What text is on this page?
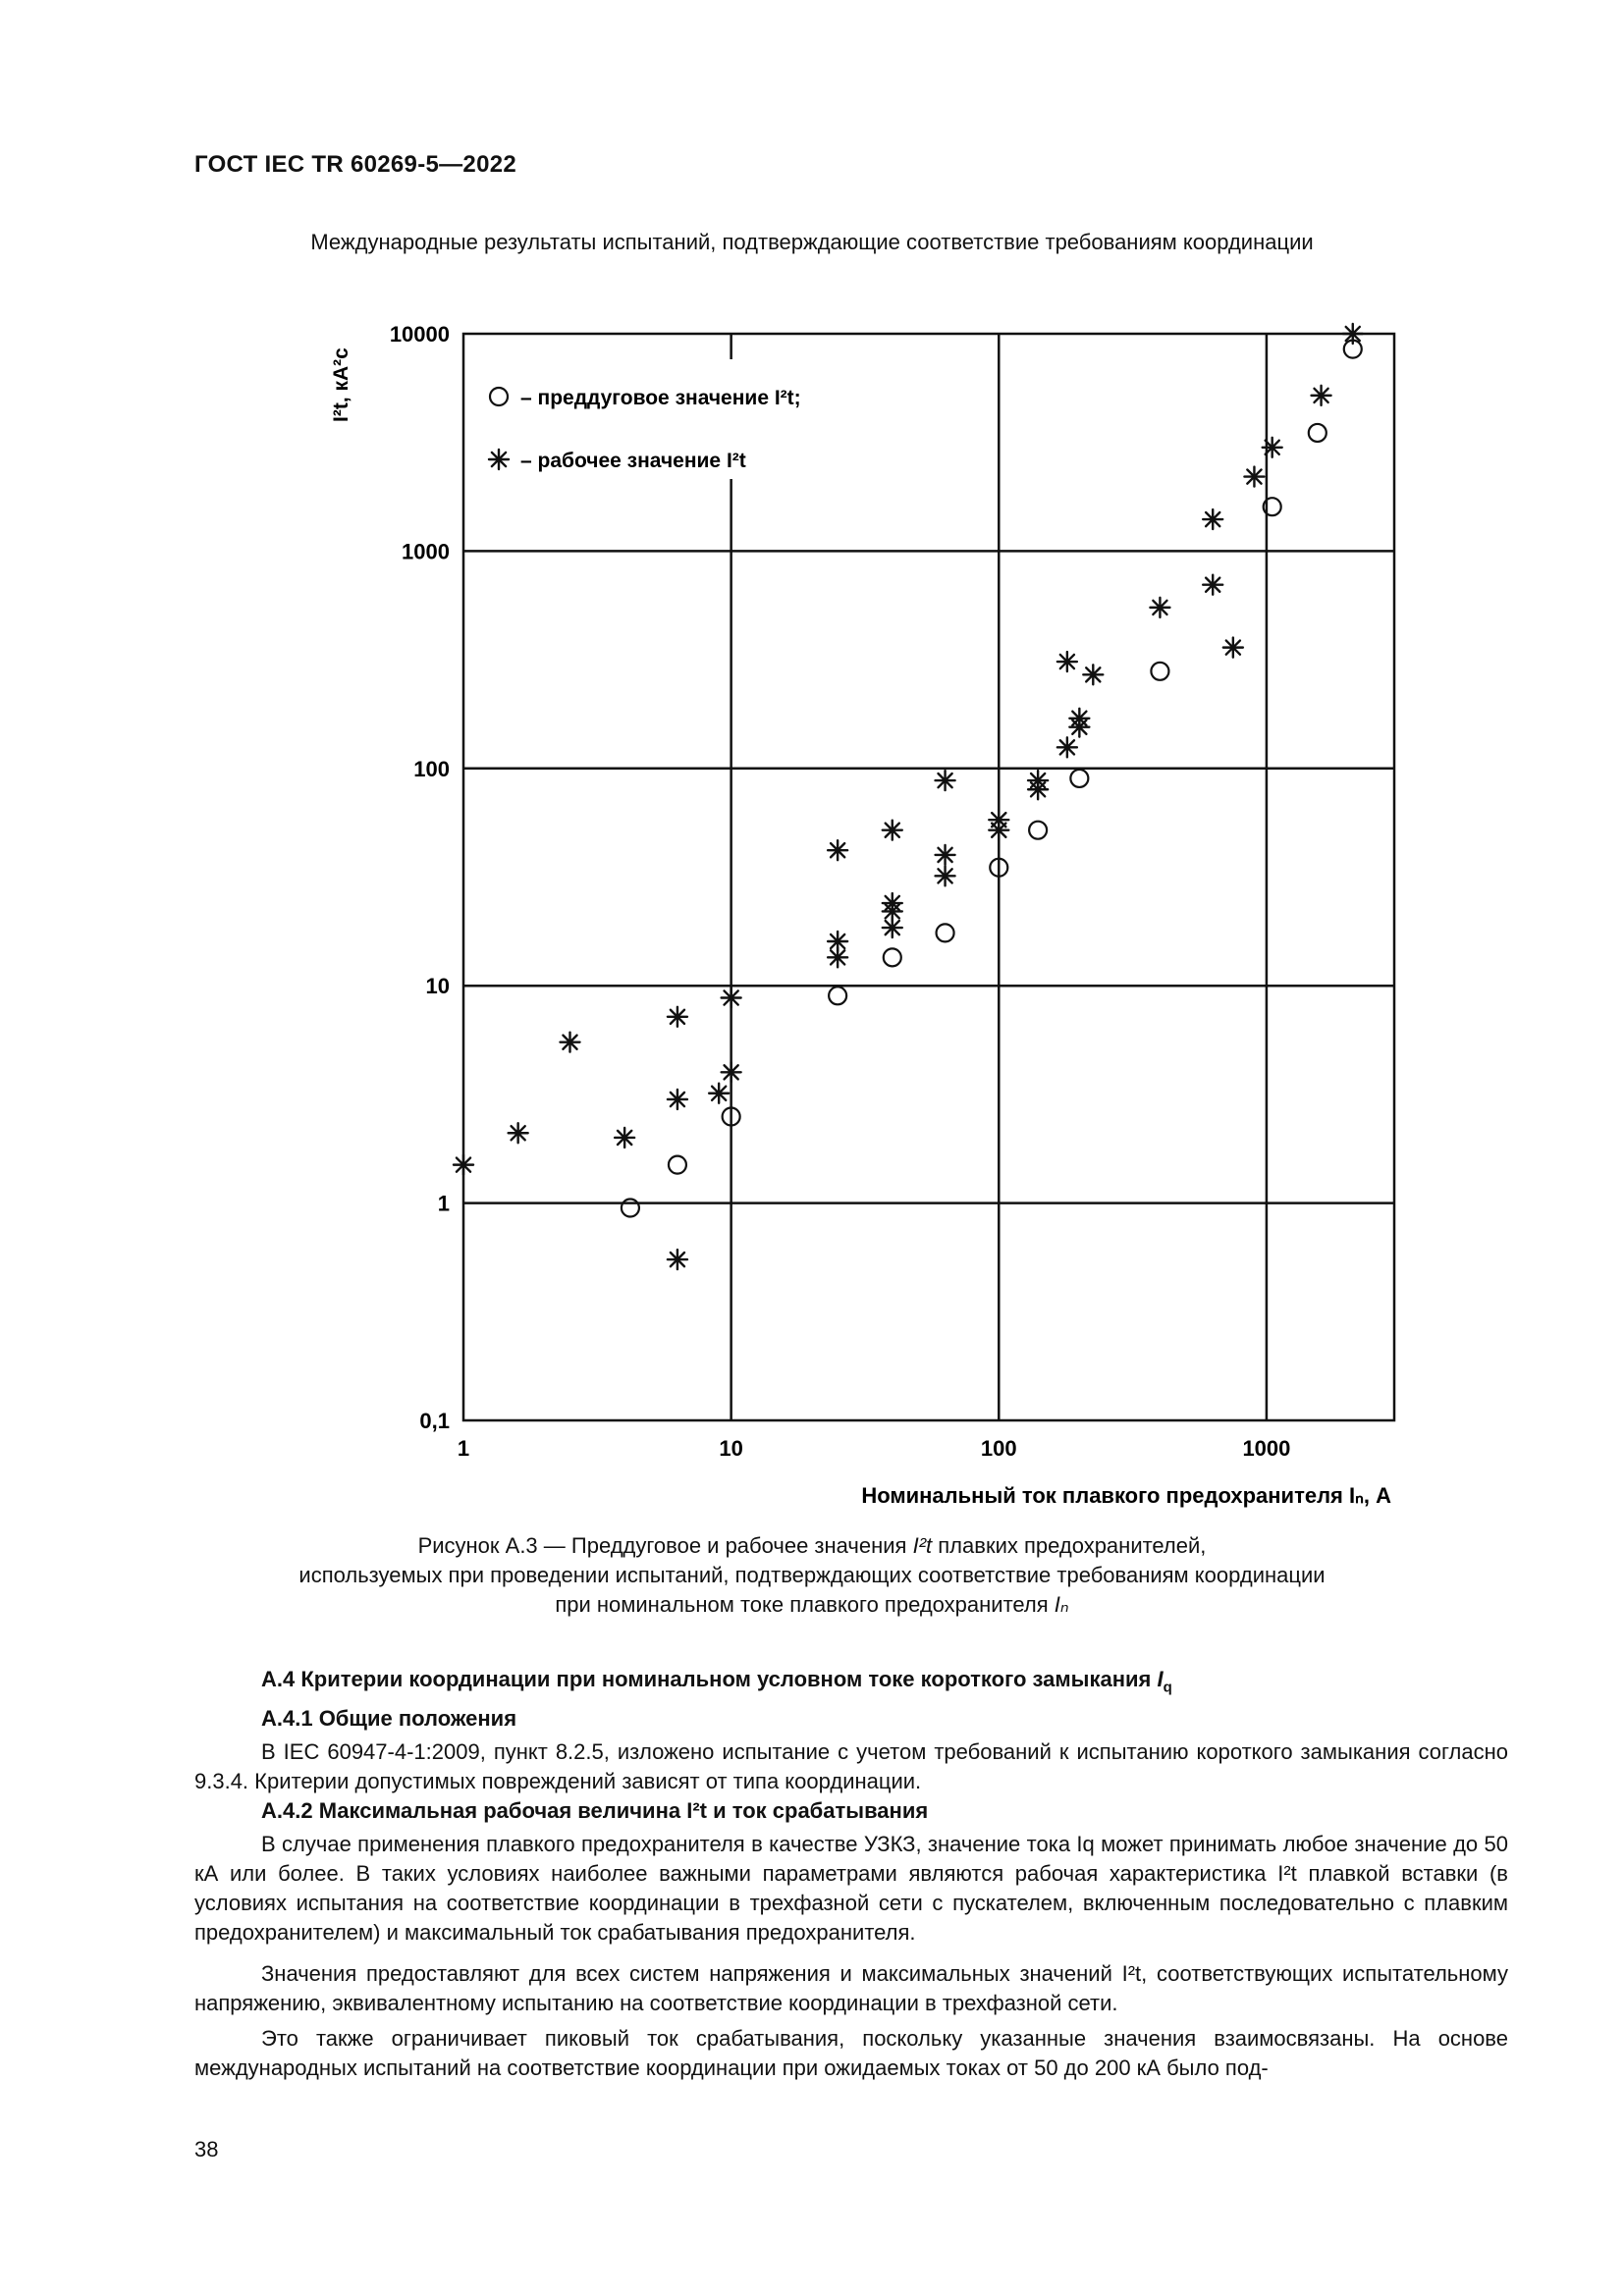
ГОСТ IEC TR 60269-5—2022
Международные результаты испытаний, подтверждающие соответствие требованиям координации
1	10	100	1000
0,1
1
10
100
1000
10000
– преддуговое значение I²t;
– рабочее значение I²t
I²t, кА²с
Номинальный ток плавкого предохранителя Iₙ, А
Рисунок А.3 — Преддуговое и рабочее значения I²t плавких предохранителей,
используемых при проведении испытаний, подтверждающих соответствие требованиям координации
при номинальном токе плавкого предохранителя Iₙ
А.4 Критерии координации при номинальном условном токе короткого замыкания $I_q$
А.4.1 Общие положения
В IEC 60947-4-1:2009, пункт 8.2.5, изложено испытание с учетом требований к испытанию короткого замыкания согласно 9.3.4. Критерии допустимых повреждений зависят от типа координации.
А.4.2 Максимальная рабочая величина I²t и ток срабатывания
В случае применения плавкого предохранителя в качестве УЗКЗ, значение тока Iq может принимать любое значение до 50 кА или более. В таких условиях наиболее важными параметрами являются рабочая характеристика I²t плавкой вставки (в условиях испытания на соответствие координации в трехфазной сети с пускателем, включенным последовательно с плавким предохранителем) и максимальный ток срабатывания предохранителя.
Значения предоставляют для всех систем напряжения и максимальных значений I²t, соответствующих испытательному напряжению, эквивалентному испытанию на соответствие координации в трехфазной сети.
Это также ограничивает пиковый ток срабатывания, поскольку указанные значения взаимосвязаны. На основе международных испытаний на соответствие координации при ожидаемых токах от 50 до 200 кА было под-
38
